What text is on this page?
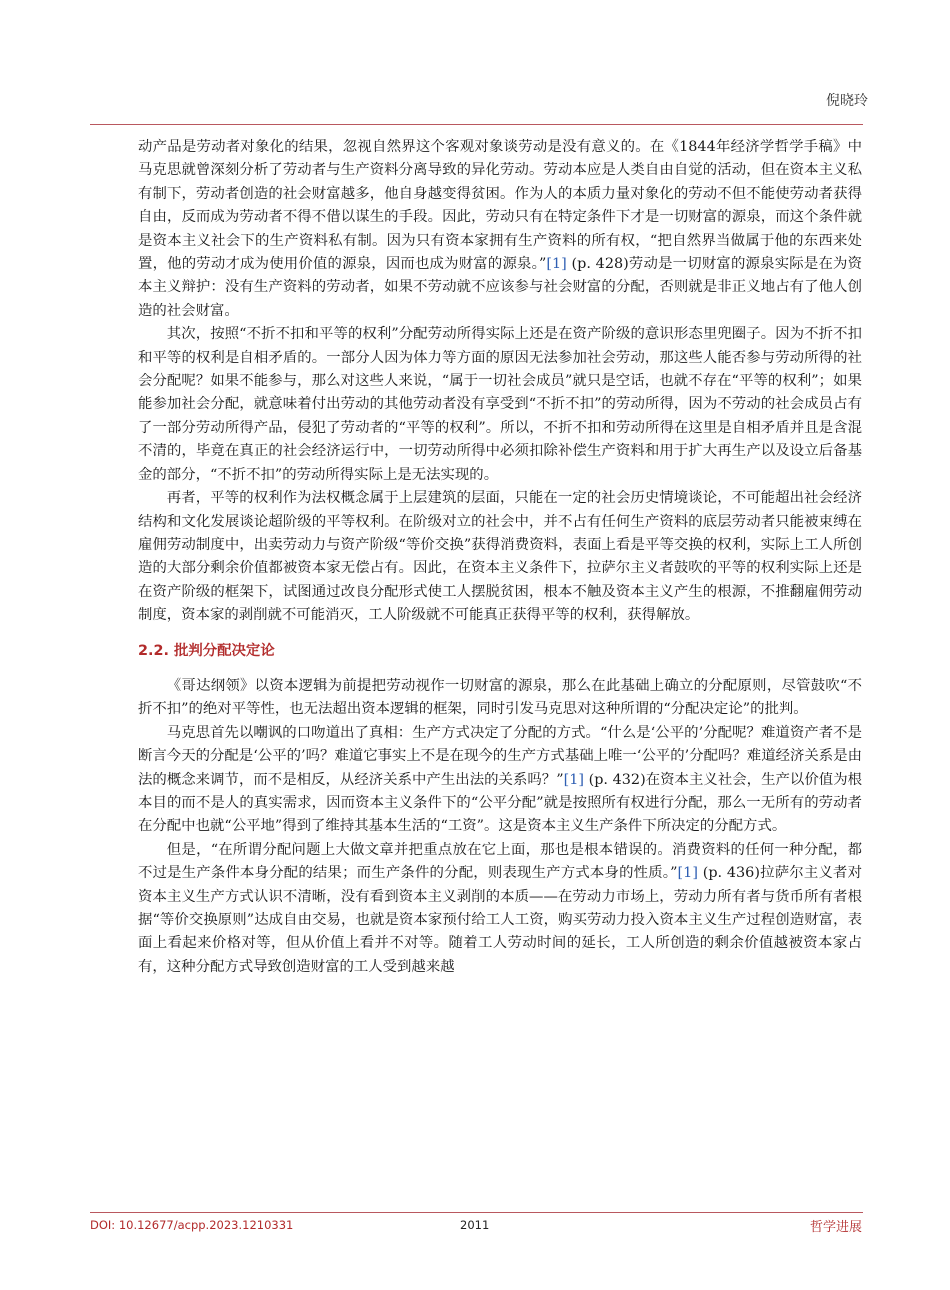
倪晓玲

动产品是劳动者对象化的结果，忽视自然界这个客观对象谈劳动是没有意义的。在《1844年经济学哲学手稿》中马克思就曾深刻分析了劳动者与生产资料分离导致的异化劳动。劳动本应是人类自由自觉的活动，但在资本主义私有制下，劳动者创造的社会财富越多，他自身越变得贫困。作为人的本质力量对象化的劳动不但不能使劳动者获得自由，反而成为劳动者不得不借以谋生的手段。因此，劳动只有在特定条件下才是一切财富的源泉，而这个条件就是资本主义社会下的生产资料私有制。因为只有资本家拥有生产资料的所有权，“把自然界当做属于他的东西来处置，他的劳动才成为使用价值的源泉，因而也成为财富的源泉。”[1] (p. 428)劳动是一切财富的源泉实际是在为资本主义辩护：没有生产资料的劳动者，如果不劳动就不应该参与社会财富的分配，否则就是非正义地占有了他人创造的社会财富。

其次，按照“不折不扣和平等的权利”分配劳动所得实际上还是在资产阶级的意识形态里兜圈子。因为不折不扣和平等的权利是自相矛盾的。一部分人因为体力等方面的原因无法参加社会劳动，那这些人能否参与劳动所得的社会分配呢？如果不能参与，那么对这些人来说，“属于一切社会成员”就只是空话，也就不存在“平等的权利”；如果能参加社会分配，就意味着付出劳动的其他劳动者没有享受到“不折不扣”的劳动所得，因为不劳动的社会成员占有了一部分劳动所得产品，侵犯了劳动者的“平等的权利”。所以，不折不扣和劳动所得在这里是自相矛盾并且是含混不清的，毕竟在真正的社会经济运行中，一切劳动所得中必须扣除补偿生产资料和用于扩大再生产以及设立后备基金的部分，“不折不扣”的劳动所得实际上是无法实现的。

再者，平等的权利作为法权概念属于上层建筑的层面，只能在一定的社会历史情境谈论，不可能超出社会经济结构和文化发展谈论超阶级的平等权利。在阶级对立的社会中，并不占有任何生产资料的底层劳动者只能被束缚在雇佣劳动制度中，出卖劳动力与资产阶级“等价交换”获得消费资料，表面上看是平等交换的权利，实际上工人所创造的大部分剩余价值都被资本家无偿占有。因此，在资本主义条件下，拉萨尔主义者鼓吹的平等的权利实际上还是在资产阶级的框架下，试图通过改良分配形式使工人摆脱贫困，根本不触及资本主义产生的根源，不推翻雇佣劳动制度，资本家的剥削就不可能消灭，工人阶级就不可能真正获得平等的权利，获得解放。

2.2. 批判分配决定论

《哥达纲领》以资本逻辑为前提把劳动视作一切财富的源泉，那么在此基础上确立的分配原则，尽管鼓吹“不折不扣”的绝对平等性，也无法超出资本逻辑的框架，同时引发马克思对这种所谓的“分配决定论”的批判。

马克思首先以嘲讽的口吻道出了真相：生产方式决定了分配的方式。“什么是‘公平的’分配呢？难道资产者不是断言今天的分配是‘公平的’吗？难道它事实上不是在现今的生产方式基础上唯一‘公平的’分配吗？难道经济关系是由法的概念来调节，而不是相反，从经济关系中产生出法的关系吗？”[1] (p. 432)在资本主义社会，生产以价值为根本目的而不是人的真实需求，因而资本主义条件下的“公平分配”就是按照所有权进行分配，那么一无所有的劳动者在分配中也就“公平地”得到了维持其基本生活的“工资”。这是资本主义生产条件下所决定的分配方式。

但是，“在所谓分配问题上大做文章并把重点放在它上面，那也是根本错误的。消费资料的任何一种分配，都不过是生产条件本身分配的结果；而生产条件的分配，则表现生产方式本身的性质。”[1] (p. 436)拉萨尔主义者对资本主义生产方式认识不清晰，没有看到资本主义剥削的本质——在劳动力市场上，劳动力所有者与货币所有者根据“等价交换原则”达成自由交易，也就是资本家预付给工人工资，购买劳动力投入资本主义生产过程创造财富，表面上看起来价格对等，但从价值上看并不对等。随着工人劳动时间的延长，工人所创造的剩余价值越被资本家占有，这种分配方式导致创造财富的工人受到越来越

DOI: 10.12677/acpp.2023.1210331	2011	哲学进展
